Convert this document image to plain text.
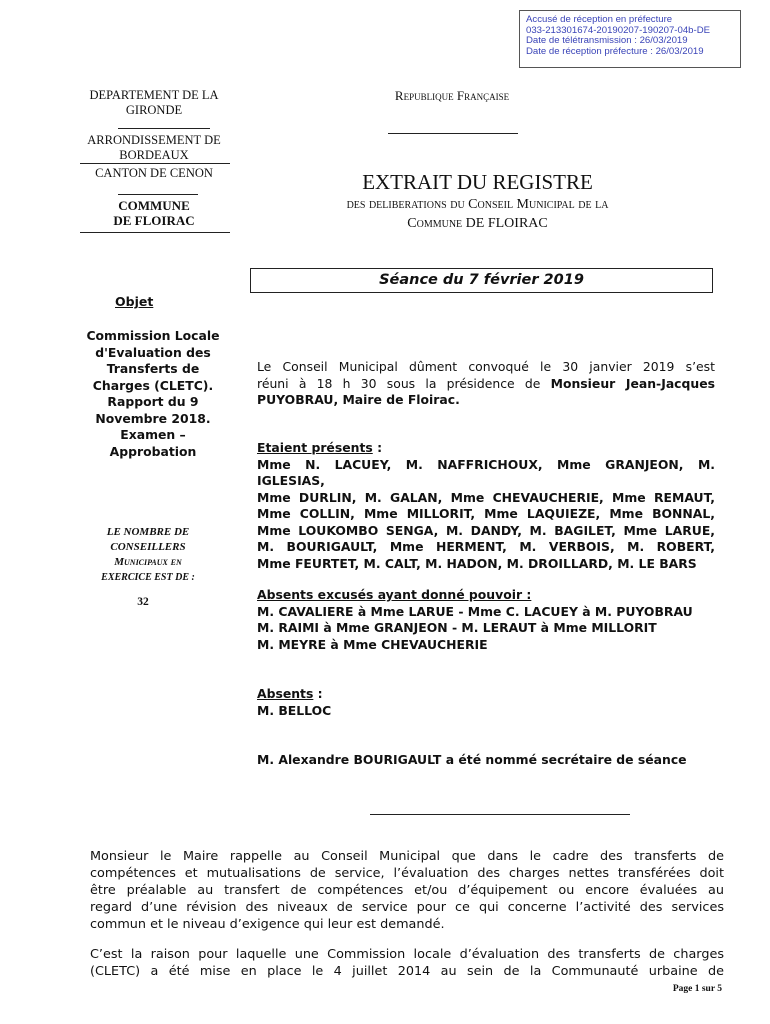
Accusé de réception en préfecture
033-213301674-20190207-190207-04b-DE
Date de télétransmission : 26/03/2019
Date de réception préfecture : 26/03/2019
DEPARTEMENT DE LA GIRONDE
ARRONDISSEMENT DE BORDEAUX
CANTON DE CENON
COMMUNE
DE FLOIRAC
Republique Française
EXTRAIT DU REGISTRE
des deliberations du Conseil Municipal de la
Commune DE FLOIRAC
Séance du 7 février 2019
Objet
Commission Locale
d'Evaluation des
Transferts de
Charges (CLETC).
Rapport du 9
Novembre 2018.
Examen –
Approbation
LE NOMBRE DE
CONSEILLERS
Municipaux en
EXERCICE EST DE :
32
Le Conseil Municipal dûment convoqué le 30 janvier 2019 s’est
réuni à 18 h 30 sous la présidence de Monsieur Jean-Jacques
PUYOBRAU, Maire de Floirac.
Etaient présents :
Mme N. LACUEY, M. NAFFRICHOUX, Mme GRANJEON, M. IGLESIAS,
Mme DURLIN, M. GALAN, Mme CHEVAUCHERIE, Mme REMAUT,
Mme COLLIN, Mme MILLORIT, Mme LAQUIEZE, Mme BONNAL,
Mme LOUKOMBO SENGA, M. DANDY, M. BAGILET, Mme LARUE,
M. BOURIGAULT, Mme HERMENT, M. VERBOIS, M. ROBERT,
Mme FEURTET, M. CALT, M. HADON, M. DROILLARD, M. LE BARS
Absents excusés ayant donné pouvoir :
M. CAVALIERE à Mme LARUE - Mme C. LACUEY à M. PUYOBRAU
M. RAIMI à Mme GRANJEON - M. LERAUT à Mme MILLORIT
M. MEYRE à Mme CHEVAUCHERIE
Absents :
M. BELLOC
M. Alexandre BOURIGAULT a été nommé secrétaire de séance
Monsieur le Maire rappelle au Conseil Municipal que dans le cadre des transferts de
compétences et mutualisations de service, l’évaluation des charges nettes transférées doit
être préalable au transfert de compétences et/ou d’équipement ou encore évaluées au
regard d’une révision des niveaux de service pour ce qui concerne l’activité des services
commun et le niveau d’exigence qui leur est demandé.
C’est la raison pour laquelle une Commission locale d’évaluation des transferts de charges
(CLETC) a été mise en place le 4 juillet 2014 au sein de la Communauté urbaine de
Page 1 sur 5
